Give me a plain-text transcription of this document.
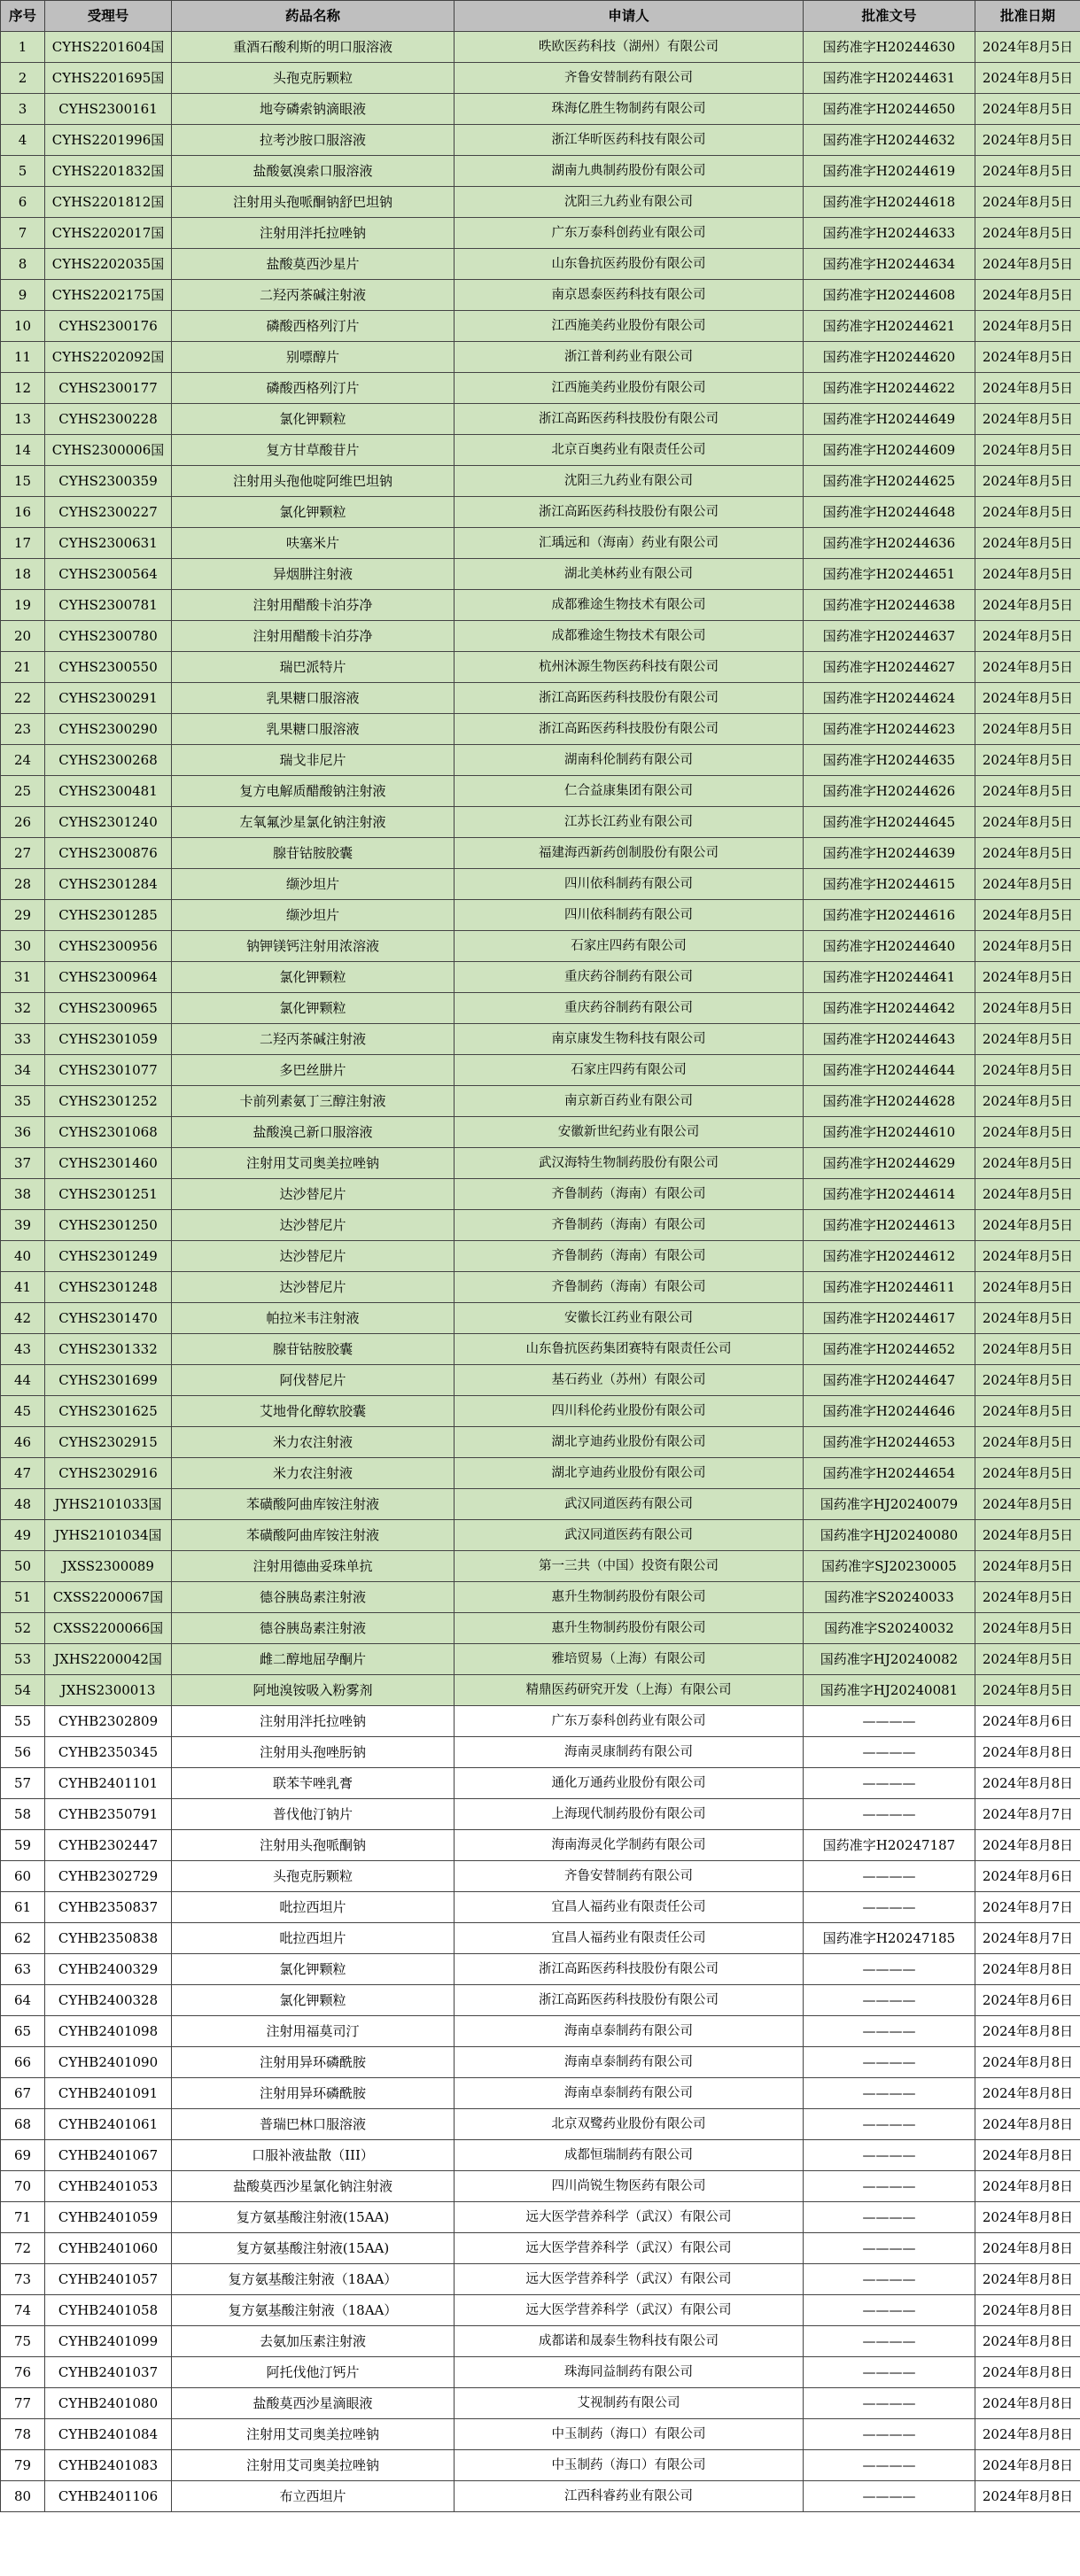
序号	受理号	药品名称	申请人	批准文号	批准日期
1	CYHS2201604国	重酒石酸利斯的明口服溶液	昳欧医药科技（湖州）有限公司	国药准字H20244630	2024年8月5日
2	CYHS2201695国	头孢克肟颗粒	齐鲁安替制药有限公司	国药准字H20244631	2024年8月5日
3	CYHS2300161	地夸磷索钠滴眼液	珠海亿胜生物制药有限公司	国药准字H20244650	2024年8月5日
4	CYHS2201996国	拉考沙胺口服溶液	浙江华昕医药科技有限公司	国药准字H20244632	2024年8月5日
5	CYHS2201832国	盐酸氨溴索口服溶液	湖南九典制药股份有限公司	国药准字H20244619	2024年8月5日
6	CYHS2201812国	注射用头孢哌酮钠舒巴坦钠	沈阳三九药业有限公司	国药准字H20244618	2024年8月5日
7	CYHS2202017国	注射用泮托拉唑钠	广东万泰科创药业有限公司	国药准字H20244633	2024年8月5日
8	CYHS2202035国	盐酸莫西沙星片	山东鲁抗医药股份有限公司	国药准字H20244634	2024年8月5日
9	CYHS2202175国	二羟丙茶碱注射液	南京恩泰医药科技有限公司	国药准字H20244608	2024年8月5日
10	CYHS2300176	磷酸西格列汀片	江西施美药业股份有限公司	国药准字H20244621	2024年8月5日
11	CYHS2202092国	别嘌醇片	浙江普利药业有限公司	国药准字H20244620	2024年8月5日
12	CYHS2300177	磷酸西格列汀片	江西施美药业股份有限公司	国药准字H20244622	2024年8月5日
13	CYHS2300228	氯化钾颗粒	浙江高跖医药科技股份有限公司	国药准字H20244649	2024年8月5日
14	CYHS2300006国	复方甘草酸苷片	北京百奥药业有限责任公司	国药准字H20244609	2024年8月5日
15	CYHS2300359	注射用头孢他啶阿维巴坦钠	沈阳三九药业有限公司	国药准字H20244625	2024年8月5日
16	CYHS2300227	氯化钾颗粒	浙江高跖医药科技股份有限公司	国药准字H20244648	2024年8月5日
17	CYHS2300631	呋塞米片	汇瑀远和（海南）药业有限公司	国药准字H20244636	2024年8月5日
18	CYHS2300564	异烟肼注射液	湖北美林药业有限公司	国药准字H20244651	2024年8月5日
19	CYHS2300781	注射用醋酸卡泊芬净	成都雅途生物技术有限公司	国药准字H20244638	2024年8月5日
20	CYHS2300780	注射用醋酸卡泊芬净	成都雅途生物技术有限公司	国药准字H20244637	2024年8月5日
21	CYHS2300550	瑞巴派特片	杭州沐源生物医药科技有限公司	国药准字H20244627	2024年8月5日
22	CYHS2300291	乳果糖口服溶液	浙江高跖医药科技股份有限公司	国药准字H20244624	2024年8月5日
23	CYHS2300290	乳果糖口服溶液	浙江高跖医药科技股份有限公司	国药准字H20244623	2024年8月5日
24	CYHS2300268	瑞戈非尼片	湖南科伦制药有限公司	国药准字H20244635	2024年8月5日
25	CYHS2300481	复方电解质醋酸钠注射液	仁合益康集团有限公司	国药准字H20244626	2024年8月5日
26	CYHS2301240	左氧氟沙星氯化钠注射液	江苏长江药业有限公司	国药准字H20244645	2024年8月5日
27	CYHS2300876	腺苷钴胺胶囊	福建海西新药创制股份有限公司	国药准字H20244639	2024年8月5日
28	CYHS2301284	缬沙坦片	四川依科制药有限公司	国药准字H20244615	2024年8月5日
29	CYHS2301285	缬沙坦片	四川依科制药有限公司	国药准字H20244616	2024年8月5日
30	CYHS2300956	钠钾镁钙注射用浓溶液	石家庄四药有限公司	国药准字H20244640	2024年8月5日
31	CYHS2300964	氯化钾颗粒	重庆药谷制药有限公司	国药准字H20244641	2024年8月5日
32	CYHS2300965	氯化钾颗粒	重庆药谷制药有限公司	国药准字H20244642	2024年8月5日
33	CYHS2301059	二羟丙茶碱注射液	南京康发生物科技有限公司	国药准字H20244643	2024年8月5日
34	CYHS2301077	多巴丝肼片	石家庄四药有限公司	国药准字H20244644	2024年8月5日
35	CYHS2301252	卡前列素氨丁三醇注射液	南京新百药业有限公司	国药准字H20244628	2024年8月5日
36	CYHS2301068	盐酸溴己新口服溶液	安徽新世纪药业有限公司	国药准字H20244610	2024年8月5日
37	CYHS2301460	注射用艾司奥美拉唑钠	武汉海特生物制药股份有限公司	国药准字H20244629	2024年8月5日
38	CYHS2301251	达沙替尼片	齐鲁制药（海南）有限公司	国药准字H20244614	2024年8月5日
39	CYHS2301250	达沙替尼片	齐鲁制药（海南）有限公司	国药准字H20244613	2024年8月5日
40	CYHS2301249	达沙替尼片	齐鲁制药（海南）有限公司	国药准字H20244612	2024年8月5日
41	CYHS2301248	达沙替尼片	齐鲁制药（海南）有限公司	国药准字H20244611	2024年8月5日
42	CYHS2301470	帕拉米韦注射液	安徽长江药业有限公司	国药准字H20244617	2024年8月5日
43	CYHS2301332	腺苷钴胺胶囊	山东鲁抗医药集团赛特有限责任公司	国药准字H20244652	2024年8月5日
44	CYHS2301699	阿伐替尼片	基石药业（苏州）有限公司	国药准字H20244647	2024年8月5日
45	CYHS2301625	艾地骨化醇软胶囊	四川科伦药业股份有限公司	国药准字H20244646	2024年8月5日
46	CYHS2302915	米力农注射液	湖北亨迪药业股份有限公司	国药准字H20244653	2024年8月5日
47	CYHS2302916	米力农注射液	湖北亨迪药业股份有限公司	国药准字H20244654	2024年8月5日
48	JYHS2101033国	苯磺酸阿曲库铵注射液	武汉同道医药有限公司	国药准字HJ20240079	2024年8月5日
49	JYHS2101034国	苯磺酸阿曲库铵注射液	武汉同道医药有限公司	国药准字HJ20240080	2024年8月5日
50	JXSS2300089	注射用德曲妥珠单抗	第一三共（中国）投资有限公司	国药准字SJ20230005	2024年8月5日
51	CXSS2200067国	德谷胰岛素注射液	惠升生物制药股份有限公司	国药准字S20240033	2024年8月5日
52	CXSS2200066国	德谷胰岛素注射液	惠升生物制药股份有限公司	国药准字S20240032	2024年8月5日
53	JXHS2200042国	雌二醇地屈孕酮片	雅培贸易（上海）有限公司	国药准字HJ20240082	2024年8月5日
54	JXHS2300013	阿地溴铵吸入粉雾剂	精鼎医药研究开发（上海）有限公司	国药准字HJ20240081	2024年8月5日
55	CYHB2302809	注射用泮托拉唑钠	广东万泰科创药业有限公司	————	2024年8月6日
56	CYHB2350345	注射用头孢唑肟钠	海南灵康制药有限公司	————	2024年8月8日
57	CYHB2401101	联苯苄唑乳膏	通化万通药业股份有限公司	————	2024年8月8日
58	CYHB2350791	普伐他汀钠片	上海现代制药股份有限公司	————	2024年8月7日
59	CYHB2302447	注射用头孢哌酮钠	海南海灵化学制药有限公司	国药准字H20247187	2024年8月8日
60	CYHB2302729	头孢克肟颗粒	齐鲁安替制药有限公司	————	2024年8月6日
61	CYHB2350837	吡拉西坦片	宜昌人福药业有限责任公司	————	2024年8月7日
62	CYHB2350838	吡拉西坦片	宜昌人福药业有限责任公司	国药准字H20247185	2024年8月7日
63	CYHB2400329	氯化钾颗粒	浙江高跖医药科技股份有限公司	————	2024年8月8日
64	CYHB2400328	氯化钾颗粒	浙江高跖医药科技股份有限公司	————	2024年8月6日
65	CYHB2401098	注射用福莫司汀	海南卓泰制药有限公司	————	2024年8月8日
66	CYHB2401090	注射用异环磷酰胺	海南卓泰制药有限公司	————	2024年8月8日
67	CYHB2401091	注射用异环磷酰胺	海南卓泰制药有限公司	————	2024年8月8日
68	CYHB2401061	普瑞巴林口服溶液	北京双鹭药业股份有限公司	————	2024年8月8日
69	CYHB2401067	口服补液盐散（III）	成都恒瑞制药有限公司	————	2024年8月8日
70	CYHB2401053	盐酸莫西沙星氯化钠注射液	四川尚锐生物医药有限公司	————	2024年8月8日
71	CYHB2401059	复方氨基酸注射液(15AA)	远大医学营养科学（武汉）有限公司	————	2024年8月8日
72	CYHB2401060	复方氨基酸注射液(15AA)	远大医学营养科学（武汉）有限公司	————	2024年8月8日
73	CYHB2401057	复方氨基酸注射液（18AA）	远大医学营养科学（武汉）有限公司	————	2024年8月8日
74	CYHB2401058	复方氨基酸注射液（18AA）	远大医学营养科学（武汉）有限公司	————	2024年8月8日
75	CYHB2401099	去氨加压素注射液	成都诺和晟泰生物科技有限公司	————	2024年8月8日
76	CYHB2401037	阿托伐他汀钙片	珠海同益制药有限公司	————	2024年8月8日
77	CYHB2401080	盐酸莫西沙星滴眼液	艾视制药有限公司	————	2024年8月8日
78	CYHB2401084	注射用艾司奥美拉唑钠	中玉制药（海口）有限公司	————	2024年8月8日
79	CYHB2401083	注射用艾司奥美拉唑钠	中玉制药（海口）有限公司	————	2024年8月8日
80	CYHB2401106	布立西坦片	江西科睿药业有限公司	————	2024年8月8日
